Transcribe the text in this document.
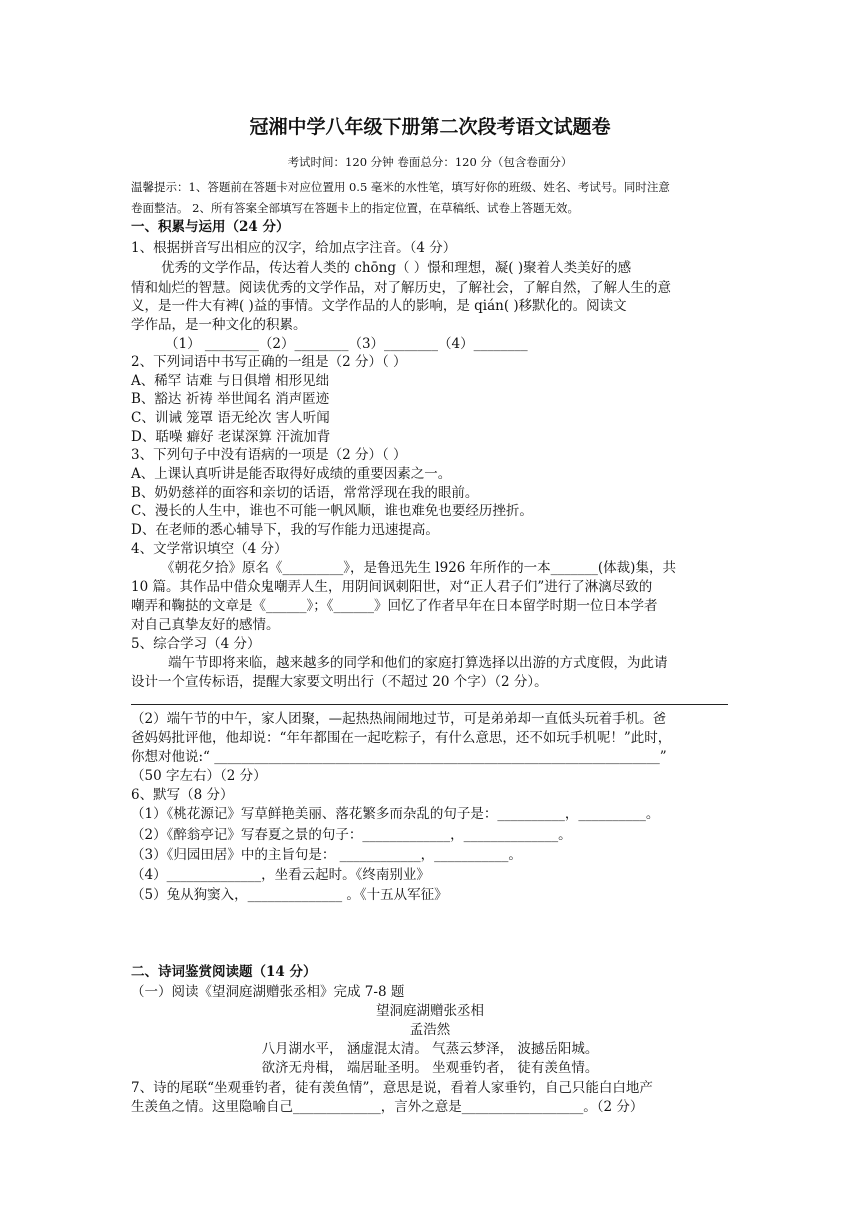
冠湘中学八年级下册第二次段考语文试题卷
考试时间：120 分钟 卷面总分：120 分（包含卷面分）
温馨提示：1、答题前在答题卡对应位置用 0.5 毫米的水性笔，填写好你的班级、姓名、考试号。同时注意
卷面整洁。 2、所有答案全部填写在答题卡上的指定位置，在草稿纸、试卷上答题无效。
一、积累与运用（24 分）
1、根据拼音写出相应的汉字，给加点字注音。（4 分）
优秀的文学作品，传达着人类的 chōng（ ）憬和理想，凝( )聚着人类美好的感
情和灿烂的智慧。阅读优秀的文学作品，对了解历史，了解社会，了解自然，了解人生的意
义，是一件大有裨( )益的事情。文学作品的人的影响，是 qián( )移默化的。阅读文
学作品，是一种文化的积累。
（1） ________（2）________（3）________（4）________
2、下列词语中书写正确的一组是（2 分）（ ）
A、稀罕 诘难 与日俱增 相形见绌
B、豁达 祈祷 举世闻名 消声匿迹
C、训诫 笼罩 语无纶次 害人听闻
D、聒噪 癖好 老谋深算 汗流加背
3、下列句子中没有语病的一项是（2 分）（ ）
A、上课认真听讲是能否取得好成绩的重要因素之一。
B、奶奶慈祥的面容和亲切的话语，常常浮现在我的眼前。
C、漫长的人生中，谁也不可能一帆风顺，谁也难免也要经历挫折。
D、在老师的悉心辅导下，我的写作能力迅速提高。
4、文学常识填空（4 分）
《朝花夕拾》原名《_________》，是鲁迅先生 l926 年所作的一本_______(体裁)集，共
10 篇。其作品中借众鬼嘲弄人生，用阴间讽刺阳世，对“正人君子们”进行了淋漓尽致的
嘲弄和鞠挞的文章是《______》；《______》回忆了作者早年在日本留学时期一位日本学者
对自己真挚友好的感情。
5、综合学习（4 分）
端午节即将来临，越来越多的同学和他们的家庭打算选择以出游的方式度假，为此请
设计一个宣传标语，提醒大家要文明出行（不超过 20 个字）（2 分）。
（2）端午节的中午，家人团聚，—起热热闹闹地过节，可是弟弟却一直低头玩着手机。爸
爸妈妈批评他，他却说：“年年都围在一起吃粽子，有什么意思，还不如玩手机呢！”此时，
你想对他说:“ __________________________________________________________________”
（50 字左右）（2 分）
6、默写（8 分）
（1）《桃花源记》写草鲜艳美丽、落花繁多而杂乱的句子是：__________，__________。
（2）《醉翁亭记》写春夏之景的句子：_____________，______________。
（3）《归园田居》中的主旨句是： ____________，___________。
（4）______________，坐看云起时。《终南别业》
（5）兔从狗窦入，______________ 。《十五从军征》
二、诗词鉴赏阅读题（14 分）
（一）阅读《望洞庭湖赠张丞相》完成 7-8 题
望洞庭湖赠张丞相
孟浩然
八月湖水平， 涵虚混太清。 气蒸云梦泽， 波撼岳阳城。
欲济无舟楫， 端居耻圣明。 坐观垂钓者， 徒有羡鱼情。
7、诗的尾联“坐观垂钓者，徒有羡鱼情”，意思是说，看着人家垂钓，自己只能白白地产
生羡鱼之情。这里隐喻自己_____________，言外之意是__________________。（2 分）
